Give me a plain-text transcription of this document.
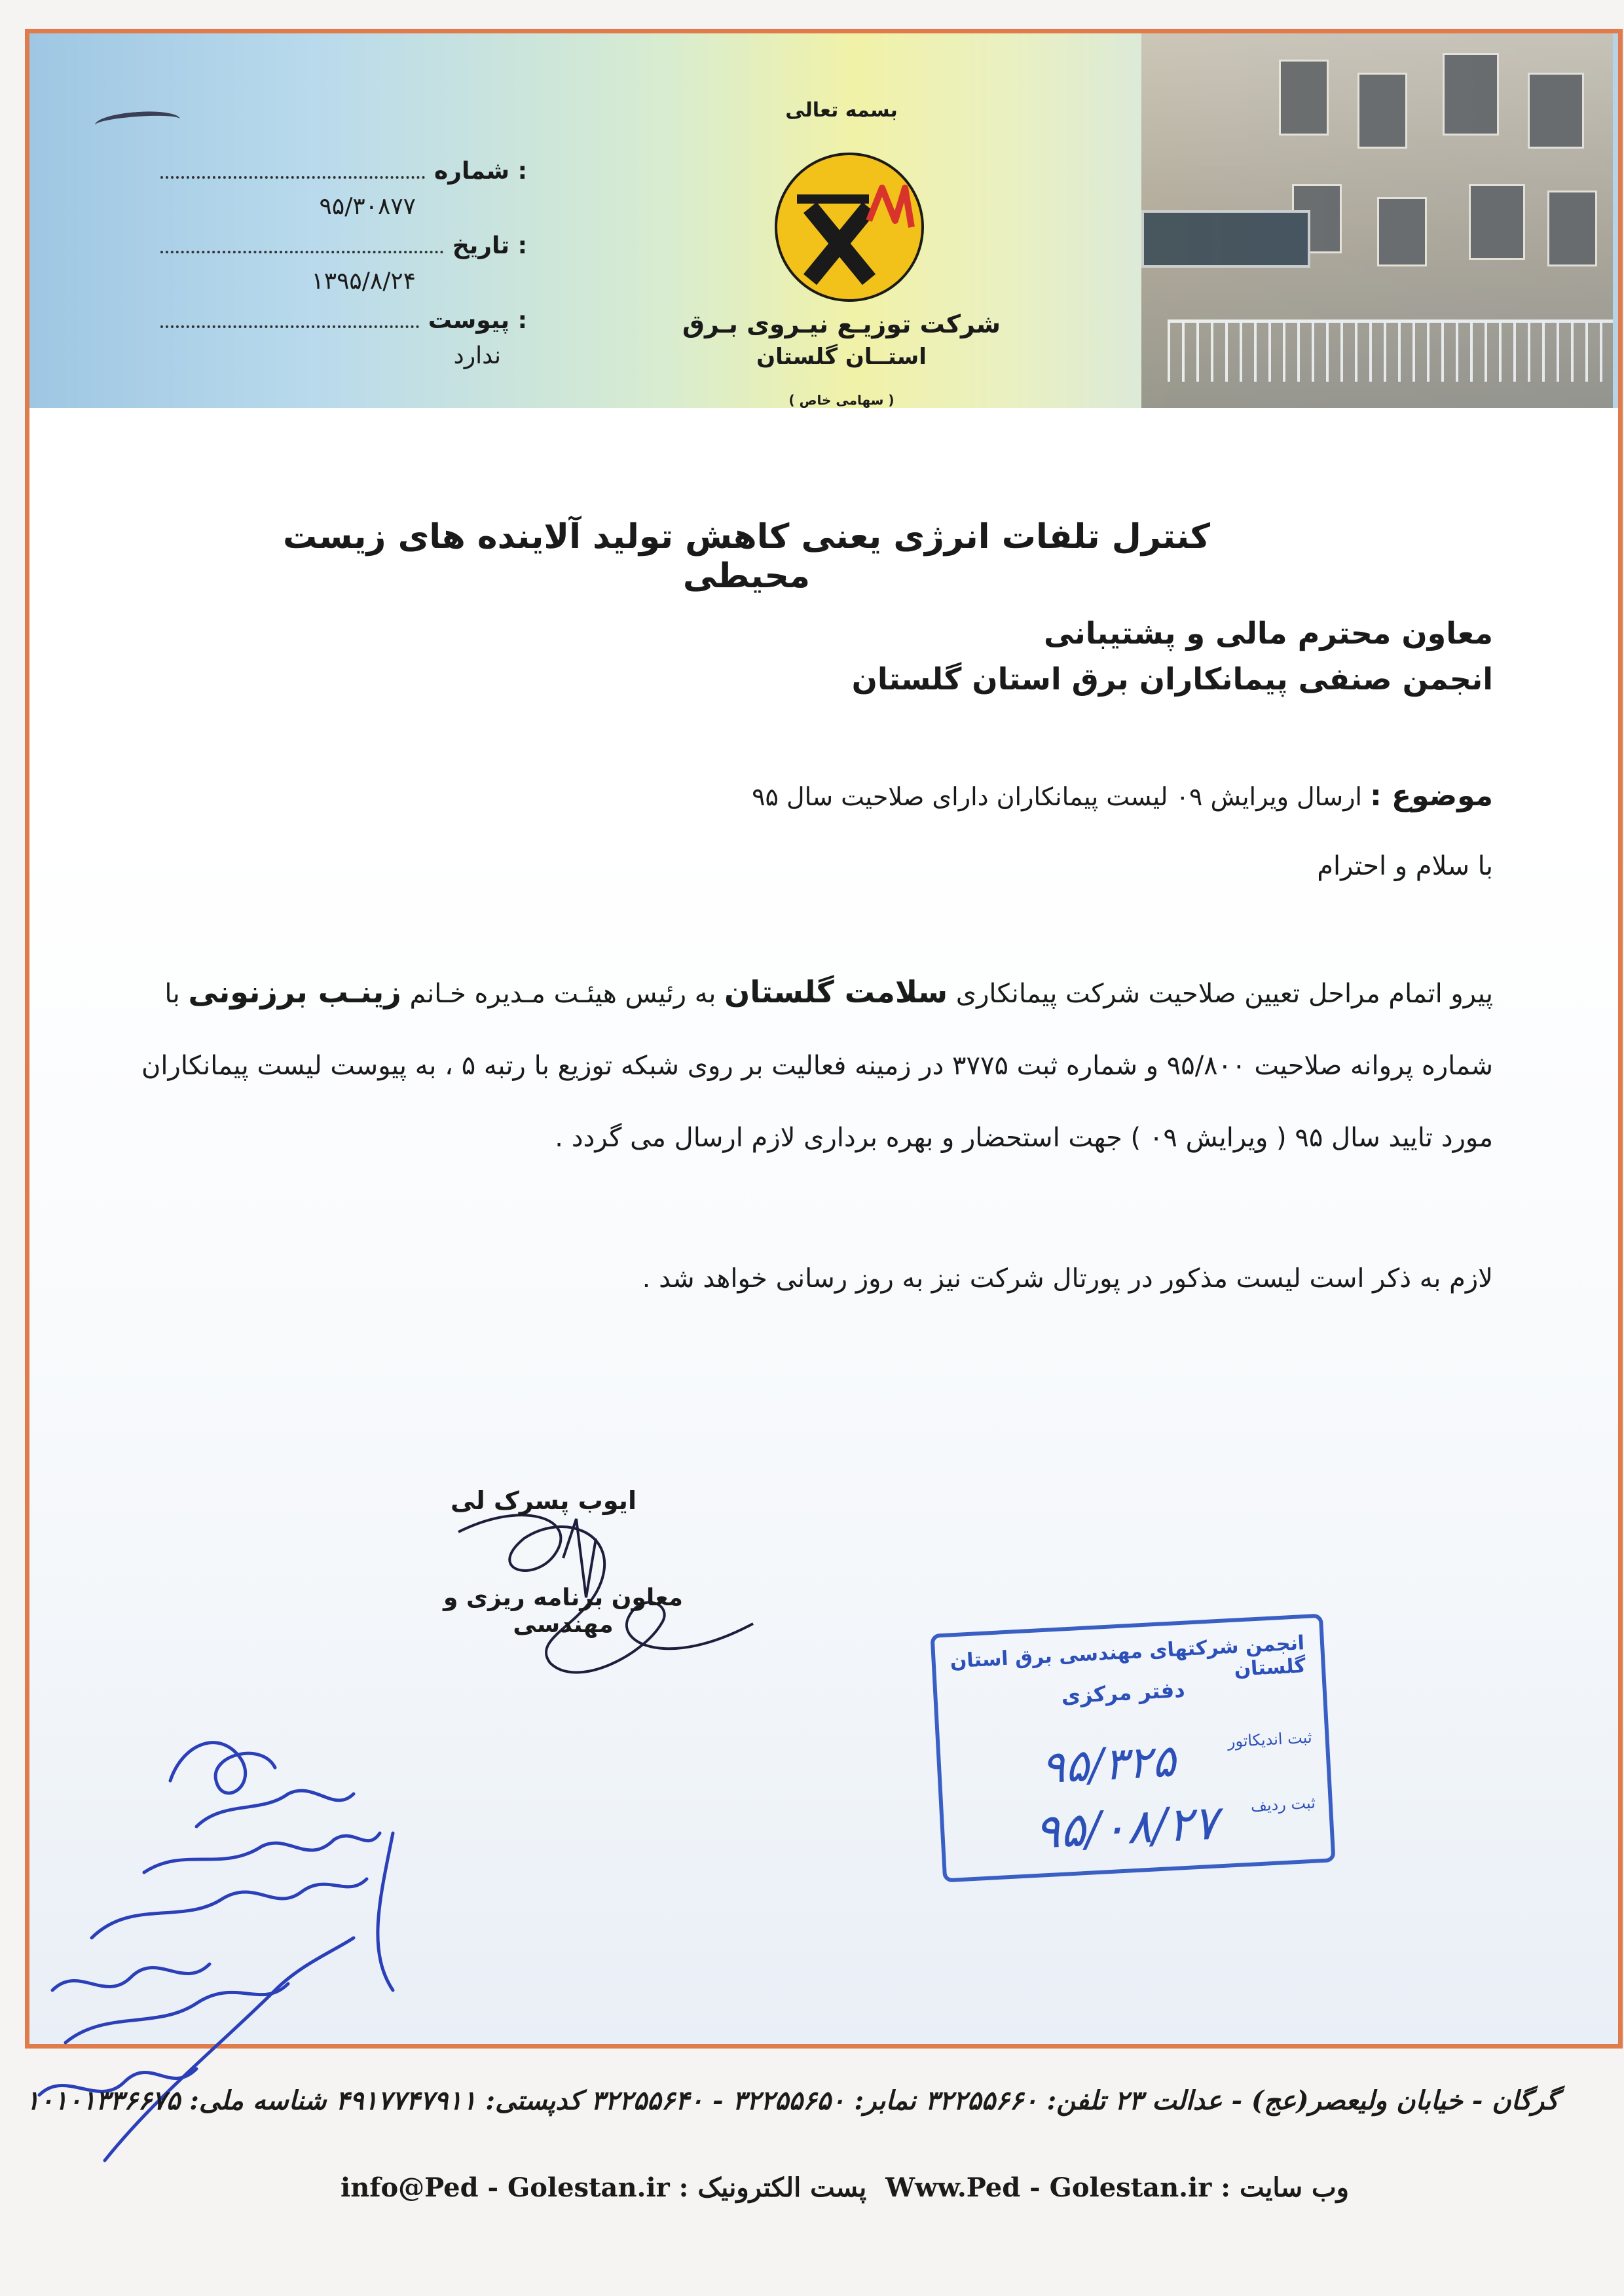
شماره :
۹۵/۳۰۸۷۷
تاریخ :
۱۳۹۵/۸/۲۴
پیوست :
ندارد
بسمه تعالی
شرکت توزیـع نیـروی بـرق
استــان گلستان
( سهامی خاص )
کنترل تلفات انرژی یعنی کاهش تولید آلاینده های زیست محیطی
معاون محترم مالی و پشتیبانی
انجمن صنفی پیمانکاران برق استان گلستان
موضوع : ارسال ویرایش ۰۹ لیست پیمانکاران دارای صلاحیت سال ۹۵
با سلام و احترام
پیرو اتمام مراحل تعیین صلاحیت شرکت پیمانکاری سلامت گلستان به رئیس هیئـت مـدیره خـانم زینـب برزنونی با شماره پروانه صلاحیت ۹۵/۸۰۰ و شماره ثبت ۳۷۷۵ در زمینه فعالیت بر روی شبکه توزیع با رتبه ۵ ، به پیوست لیست پیمانکاران مورد تایید سال ۹۵ ( ویرایش ۰۹ ) جهت استحضار و بهره برداری لازم ارسال می گردد .
لازم به ذکر است لیست مذکور در پورتال شرکت نیز به روز رسانی خواهد شد .
ایوب پسرک لی
معاون برنامه ریزی و مهندسی
انجمن شرکتهای مهندسی برق استان گلستان
دفتر مرکزی
ثبت اندیکاتور
۹۵/۳۲۵
ثبت ردیف
۹۵/۰۸/۲۷
گرگان - خیابان ولیعصر(عج) - عدالت ۲۳ تلفن: ۳۲۲۵۵۶۶۰ نمابر: ۳۲۲۵۵۶۵۰ - ۳۲۲۵۵۶۴۰ کدپستی: ۴۹۱۷۷۴۷۹۱۱ شناسه ملی: ۱۰۱۰۱۳۳۶۶۷۵
وب سایت : Www.Ped - Golestan.ir
پست الکترونیک : info@Ped - Golestan.ir
